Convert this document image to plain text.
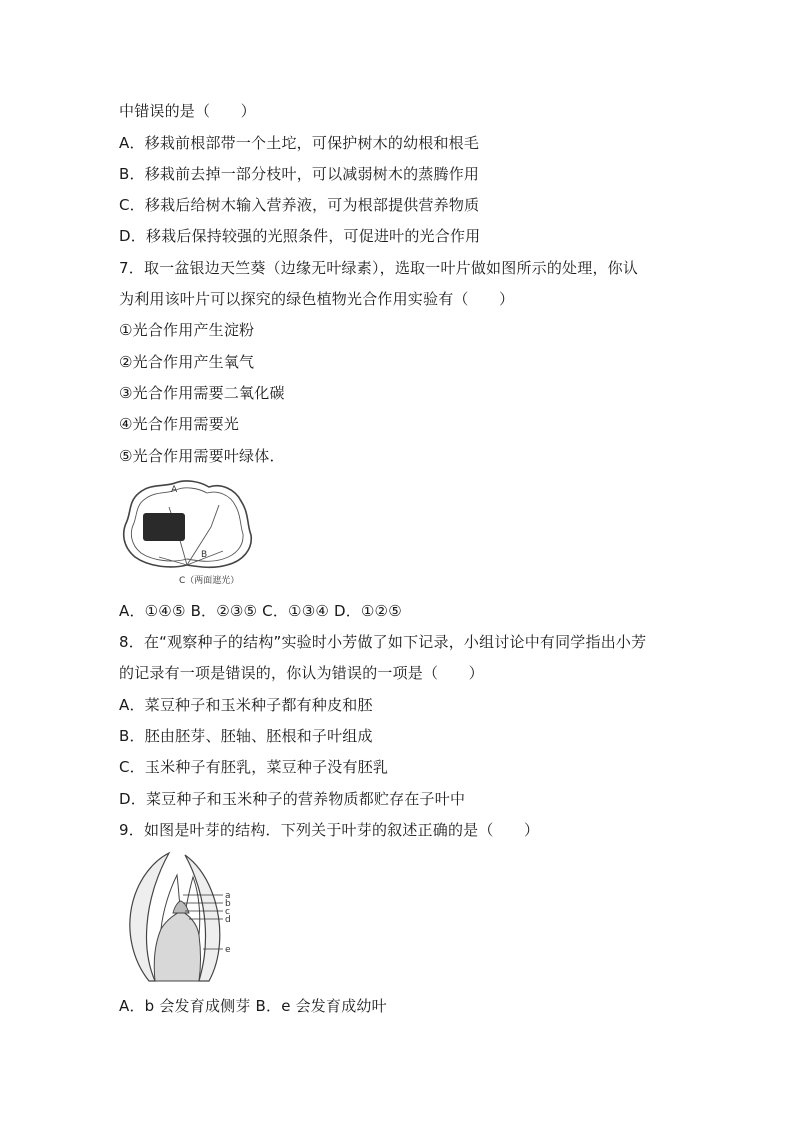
中错误的是（　　）
A．移栽前根部带一个土坨，可保护树木的幼根和根毛
B．移栽前去掉一部分枝叶，可以减弱树木的蒸腾作用
C．移栽后给树木输入营养液，可为根部提供营养物质
D．移栽后保持较强的光照条件，可促进叶的光合作用
7．取一盆银边天竺葵（边缘无叶绿素），选取一叶片做如图所示的处理，你认
为利用该叶片可以探究的绿色植物光合作用实验有（　　）
①光合作用产生淀粉
②光合作用产生氧气
③光合作用需要二氧化碳
④光合作用需要光
⑤光合作用需要叶绿体．
A
B
C（两面遮光）
A．①④⑤ B．②③⑤ C．①③④ D．①②⑤
8．在“观察种子的结构”实验时小芳做了如下记录，小组讨论中有同学指出小芳
的记录有一项是错误的，你认为错误的一项是（　　）
A．菜豆种子和玉米种子都有种皮和胚
B．胚由胚芽、胚轴、胚根和子叶组成
C．玉米种子有胚乳，菜豆种子没有胚乳
D．菜豆种子和玉米种子的营养物质都贮存在子叶中
9．如图是叶芽的结构．下列关于叶芽的叙述正确的是（　　）
a
b
c
d
e
A．b 会发育成侧芽 B．e 会发育成幼叶
